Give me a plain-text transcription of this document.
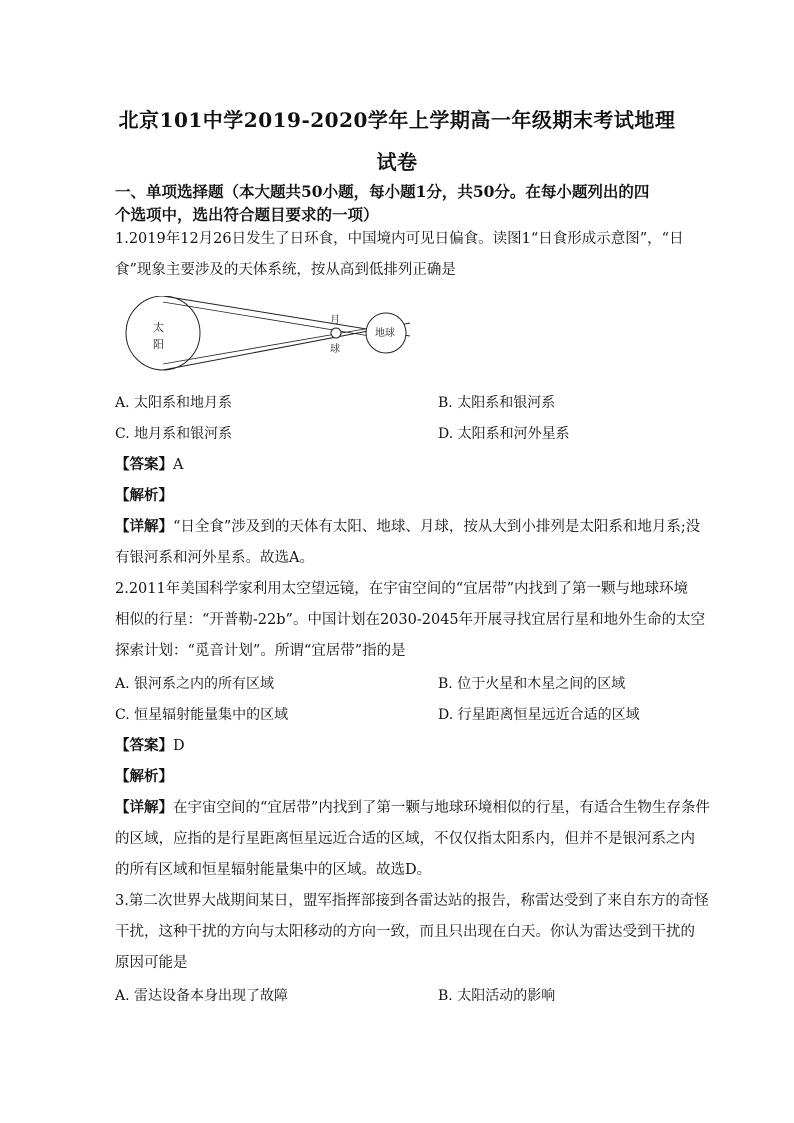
北京101中学2019-2020学年上学期高一年级期末考试地理
试卷
一、单项选择题（本大题共50小题，每小题1分，共50分。在每小题列出的四
个选项中，选出符合题目要求的一项）
1.2019年12月26日发生了日环食，中国境内可见日偏食。读图1“日食形成示意图”，“日
食”现象主要涉及的天体系统，按从高到低排列正确是
太
阳
月
球
地球
A. 太阳系和地月系	B. 太阳系和银河系
C. 地月系和银河系	D. 太阳系和河外星系
【答案】A
【解析】
【详解】“日全食”涉及到的天体有太阳、地球、月球，按从大到小排列是太阳系和地月系;没
有银河系和河外星系。故选A。
2.2011年美国科学家利用太空望远镜，在宇宙空间的“宜居带”内找到了第一颗与地球环境
相似的行星：“开普勒-22b”。中国计划在2030-2045年开展寻找宜居行星和地外生命的太空
探索计划：“觅音计划”。所谓“宜居带”指的是
A. 银河系之内的所有区域	B. 位于火星和木星之间的区域
C. 恒星辐射能量集中的区域	D. 行星距离恒星远近合适的区域
【答案】D
【解析】
【详解】在宇宙空间的“宜居带”内找到了第一颗与地球环境相似的行星，有适合生物生存条件
的区域，应指的是行星距离恒星远近合适的区域，不仅仅指太阳系内，但并不是银河系之内
的所有区域和恒星辐射能量集中的区域。故选D。
3.第二次世界大战期间某日，盟军指挥部接到各雷达站的报告，称雷达受到了来自东方的奇怪
干扰，这种干扰的方向与太阳移动的方向一致，而且只出现在白天。你认为雷达受到干扰的
原因可能是
A. 雷达设备本身出现了故障	B. 太阳活动的影响
